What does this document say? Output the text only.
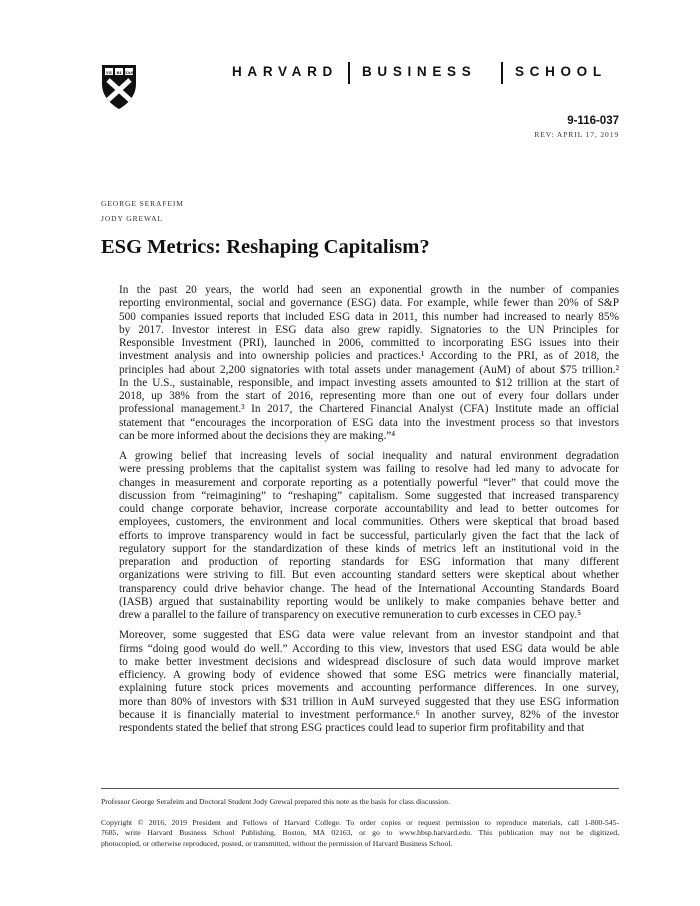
VE RI TAS	HARVARD BUSINESS	SCHOOL
9-116-037
REV: APRIL 17, 2019
GEORGE SERAFEIM
JODY GREWAL
ESG Metrics: Reshaping Capitalism?

In the past 20 years, the world had seen an exponential growth in the number of companies
reporting environmental, social and governance (ESG) data. For example, while fewer than 20% of S&P
500 companies issued reports that included ESG data in 2011, this number had increased to nearly 85%
by 2017. Investor interest in ESG data also grew rapidly. Signatories to the UN Principles for
Responsible Investment (PRI), launched in 2006, committed to incorporating ESG issues into their
investment analysis and into ownership policies and practices.¹ According to the PRI, as of 2018, the
principles had about 2,200 signatories with total assets under management (AuM) of about $75 trillion.²
In the U.S., sustainable, responsible, and impact investing assets amounted to $12 trillion at the start of
2018, up 38% from the start of 2016, representing more than one out of every four dollars under
professional management.³ In 2017, the Chartered Financial Analyst (CFA) Institute made an official
statement that “encourages the incorporation of ESG data into the investment process so that investors
can be more informed about the decisions they are making.”⁴

A growing belief that increasing levels of social inequality and natural environment degradation
were pressing problems that the capitalist system was failing to resolve had led many to advocate for
changes in measurement and corporate reporting as a potentially powerful “lever” that could move the
discussion from “reimagining” to “reshaping” capitalism. Some suggested that increased transparency
could change corporate behavior, increase corporate accountability and lead to better outcomes for
employees, customers, the environment and local communities. Others were skeptical that broad based
efforts to improve transparency would in fact be successful, particularly given the fact that the lack of
regulatory support for the standardization of these kinds of metrics left an institutional void in the
preparation and production of reporting standards for ESG information that many different
organizations were striving to fill. But even accounting standard setters were skeptical about whether
transparency could drive behavior change. The head of the International Accounting Standards Board
(IASB) argued that sustainability reporting would be unlikely to make companies behave better and
drew a parallel to the failure of transparency on executive remuneration to curb excesses in CEO pay.⁵

Moreover, some suggested that ESG data were value relevant from an investor standpoint and that
firms “doing good would do well.” According to this view, investors that used ESG data would be able
to make better investment decisions and widespread disclosure of such data would improve market
efficiency. A growing body of evidence showed that some ESG metrics were financially material,
explaining future stock prices movements and accounting performance differences. In one survey,
more than 80% of investors with $31 trillion in AuM surveyed suggested that they use ESG information
because it is financially material to investment performance.⁶ In another survey, 82% of the investor
respondents stated the belief that strong ESG practices could lead to superior firm profitability and that

Professor George Serafeim and Doctoral Student Jody Grewal prepared this note as the basis for class discussion.
Copyright © 2016, 2019 President and Fellows of Harvard College. To order copies or request permission to reproduce materials, call 1-800-545-
7685, write Harvard Business School Publishing, Boston, MA 02163, or go to www.hbsp.harvard.edu. This publication may not be digitized,
photocopied, or otherwise reproduced, posted, or transmitted, without the permission of Harvard Business School.
